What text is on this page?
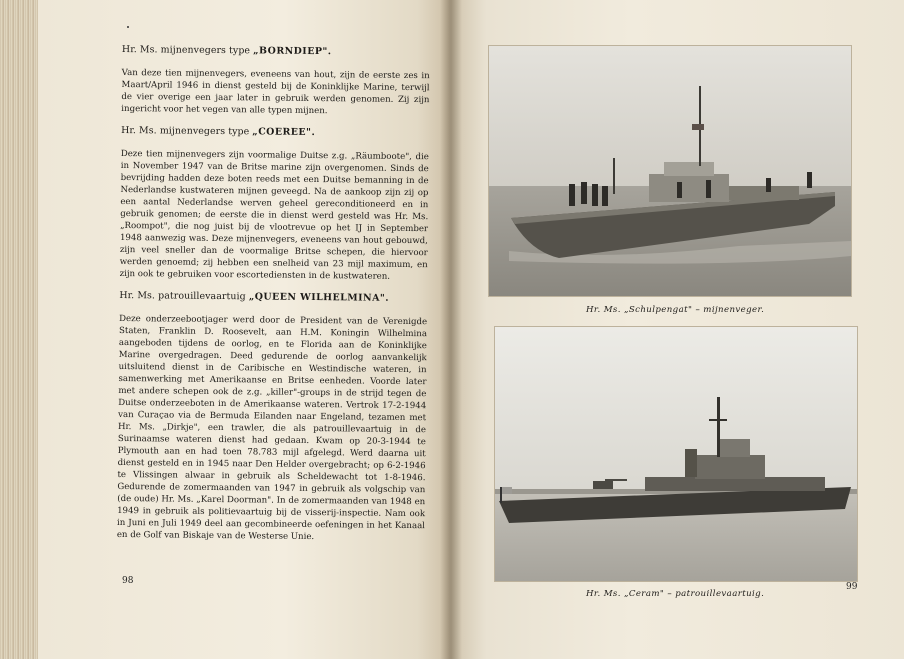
Hr. Ms. mijnenvegers type „BORNDIEP".

Van deze tien mijnenvegers, eveneens van hout, zijn de eerste zes in Maart/April 1946 in dienst gesteld bij de Koninklijke Marine, terwijl de vier overige een jaar later in gebruik werden genomen. Zij zijn ingericht voor het vegen van alle typen mijnen.

Hr. Ms. mijnenvegers type „COEREE".

Deze tien mijnenvegers zijn voormalige Duitse z.g. „Räumboote", die in November 1947 van de Britse marine zijn overgenomen. Sinds de bevrijding hadden deze boten reeds met een Duitse bemanning in de Nederlandse kustwateren mijnen geveegd. Na de aankoop zijn zij op een aantal Nederlandse werven geheel gereconditioneerd en in gebruik genomen; de eerste die in dienst werd gesteld was Hr. Ms. „Roompot", die nog juist bij de vlootrevue op het IJ in September 1948 aanwezig was. Deze mijnenvegers, eveneens van hout gebouwd, zijn veel sneller dan de voormalige Britse schepen, die hiervoor werden genoemd; zij hebben een snelheid van 23 mijl maximum, en zijn ook te gebruiken voor escortediensten in de kustwateren.

Hr. Ms. patrouillevaartuig „QUEEN WILHELMINA".

Deze onderzeebootjager werd door de President van de Verenigde Staten, Franklin D. Roosevelt, aan H.M. Koningin Wilhelmina aangeboden tijdens de oorlog, en te Florida aan de Koninklijke Marine overgedragen. Deed gedurende de oorlog aanvankelijk uitsluitend dienst in de Caribische en Westindische wateren, in samenwerking met Amerikaanse en Britse eenheden. Voorde later met andere schepen ook de z.g. „killer"-groups in de strijd tegen de Duitse onderzeeboten in de Amerikaanse wateren. Vertrok 17-2-1944 van Curaçao via de Bermuda Eilanden naar Engeland, tezamen met Hr. Ms. „Dirkje", een trawler, die als patrouillevaartuig in de Surinaamse wateren dienst had gedaan. Kwam op 20-3-1944 te Plymouth aan en had toen 78.783 mijl afgelegd. Werd daarna uit dienst gesteld en in 1945 naar Den Helder overgebracht; op 6-2-1946 te Vlissingen alwaar in gebruik als Scheldewacht tot 1-8-1946. Gedurende de zomermaanden van 1947 in gebruik als volgschip van (de oude) Hr. Ms. „Karel Doorman". In de zomermaanden van 1948 en 1949 in gebruik als politievaartuig bij de visserij-inspectie. Nam ook in Juni en Juli 1949 deel aan gecombineerde oefeningen in het Kanaal en de Golf van Biskaje van de Westerse Unie.

98
Hr. Ms. „Schulpengat" – mijnenveger.
Hr. Ms. „Ceram" – patrouillevaartuig.
99
